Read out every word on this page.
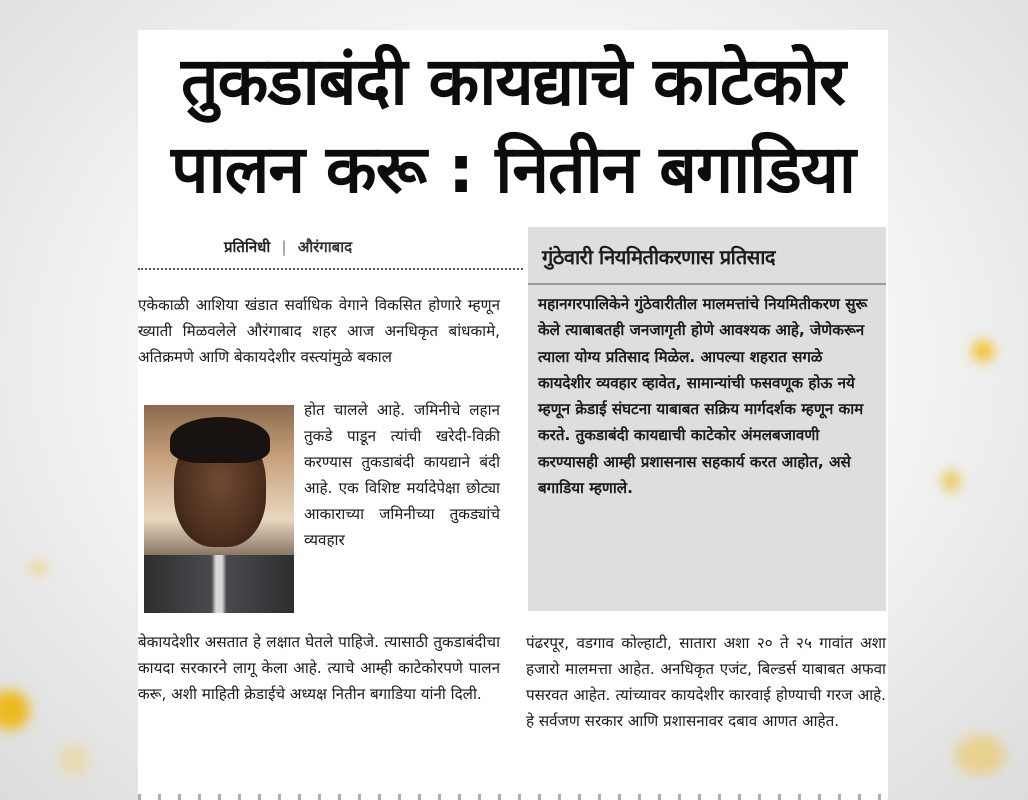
तुकडाबंदी कायद्याचे काटेकोर
पालन करू : नितीन बगाडिया
प्रतिनिधी | औरंगाबाद
एकेकाळी आशिया खंडात सर्वाधिक वेगाने विकसित होणारे म्हणून ख्याती मिळवलेले औरंगाबाद शहर आज अनधिकृत बांधकामे, अतिक्रमणे आणि बेकायदेशीर वस्त्यांमुळे बकाल
होत चालले आहे. जमिनीचे लहान तुकडे पाडून त्यांची खरेदी-विक्री करण्यास तुकडाबंदी कायद्याने बंदी आहे. एक विशिष्ट मर्यादेपेक्षा छोट्या आकाराच्या जमिनीच्या तुकड्यांचे व्यवहार
बेकायदेशीर असतात हे लक्षात घेतले पाहिजे. त्यासाठी तुकडाबंदीचा कायदा सरकारने लागू केला आहे. त्याचे आम्ही काटेकोरपणे पालन करू, अशी माहिती क्रेडाईचे अध्यक्ष नितीन बगाडिया यांनी दिली.
गुंठेवारी नियमितीकरणास प्रतिसाद
महानगरपालिकेने गुंठेवारीतील मालमत्तांचे नियमितीकरण सुरू केले त्याबाबतही जनजागृती होणे आवश्यक आहे, जेणेकरून त्याला योग्य प्रतिसाद मिळेल. आपल्या शहरात सगळे कायदेशीर व्यवहार व्हावेत, सामान्यांची फसवणूक होऊ नये म्हणून क्रेडाई संघटना याबाबत सक्रिय मार्गदर्शक म्हणून काम करते. तुकडाबंदी कायद्याची काटेकोर अंमलबजावणी करण्यासही आम्ही प्रशासनास सहकार्य करत आहोत, असे बगाडिया म्हणाले.
पंढरपूर, वडगाव कोल्हाटी, सातारा अशा २० ते २५ गावांत अशा हजारो मालमत्ता आहेत. अनधिकृत एजंट, बिल्डर्स याबाबत अफवा पसरवत आहेत. त्यांच्यावर कायदेशीर कारवाई होण्याची गरज आहे. हे सर्वजण सरकार आणि प्रशासनावर दबाव आणत आहेत.
